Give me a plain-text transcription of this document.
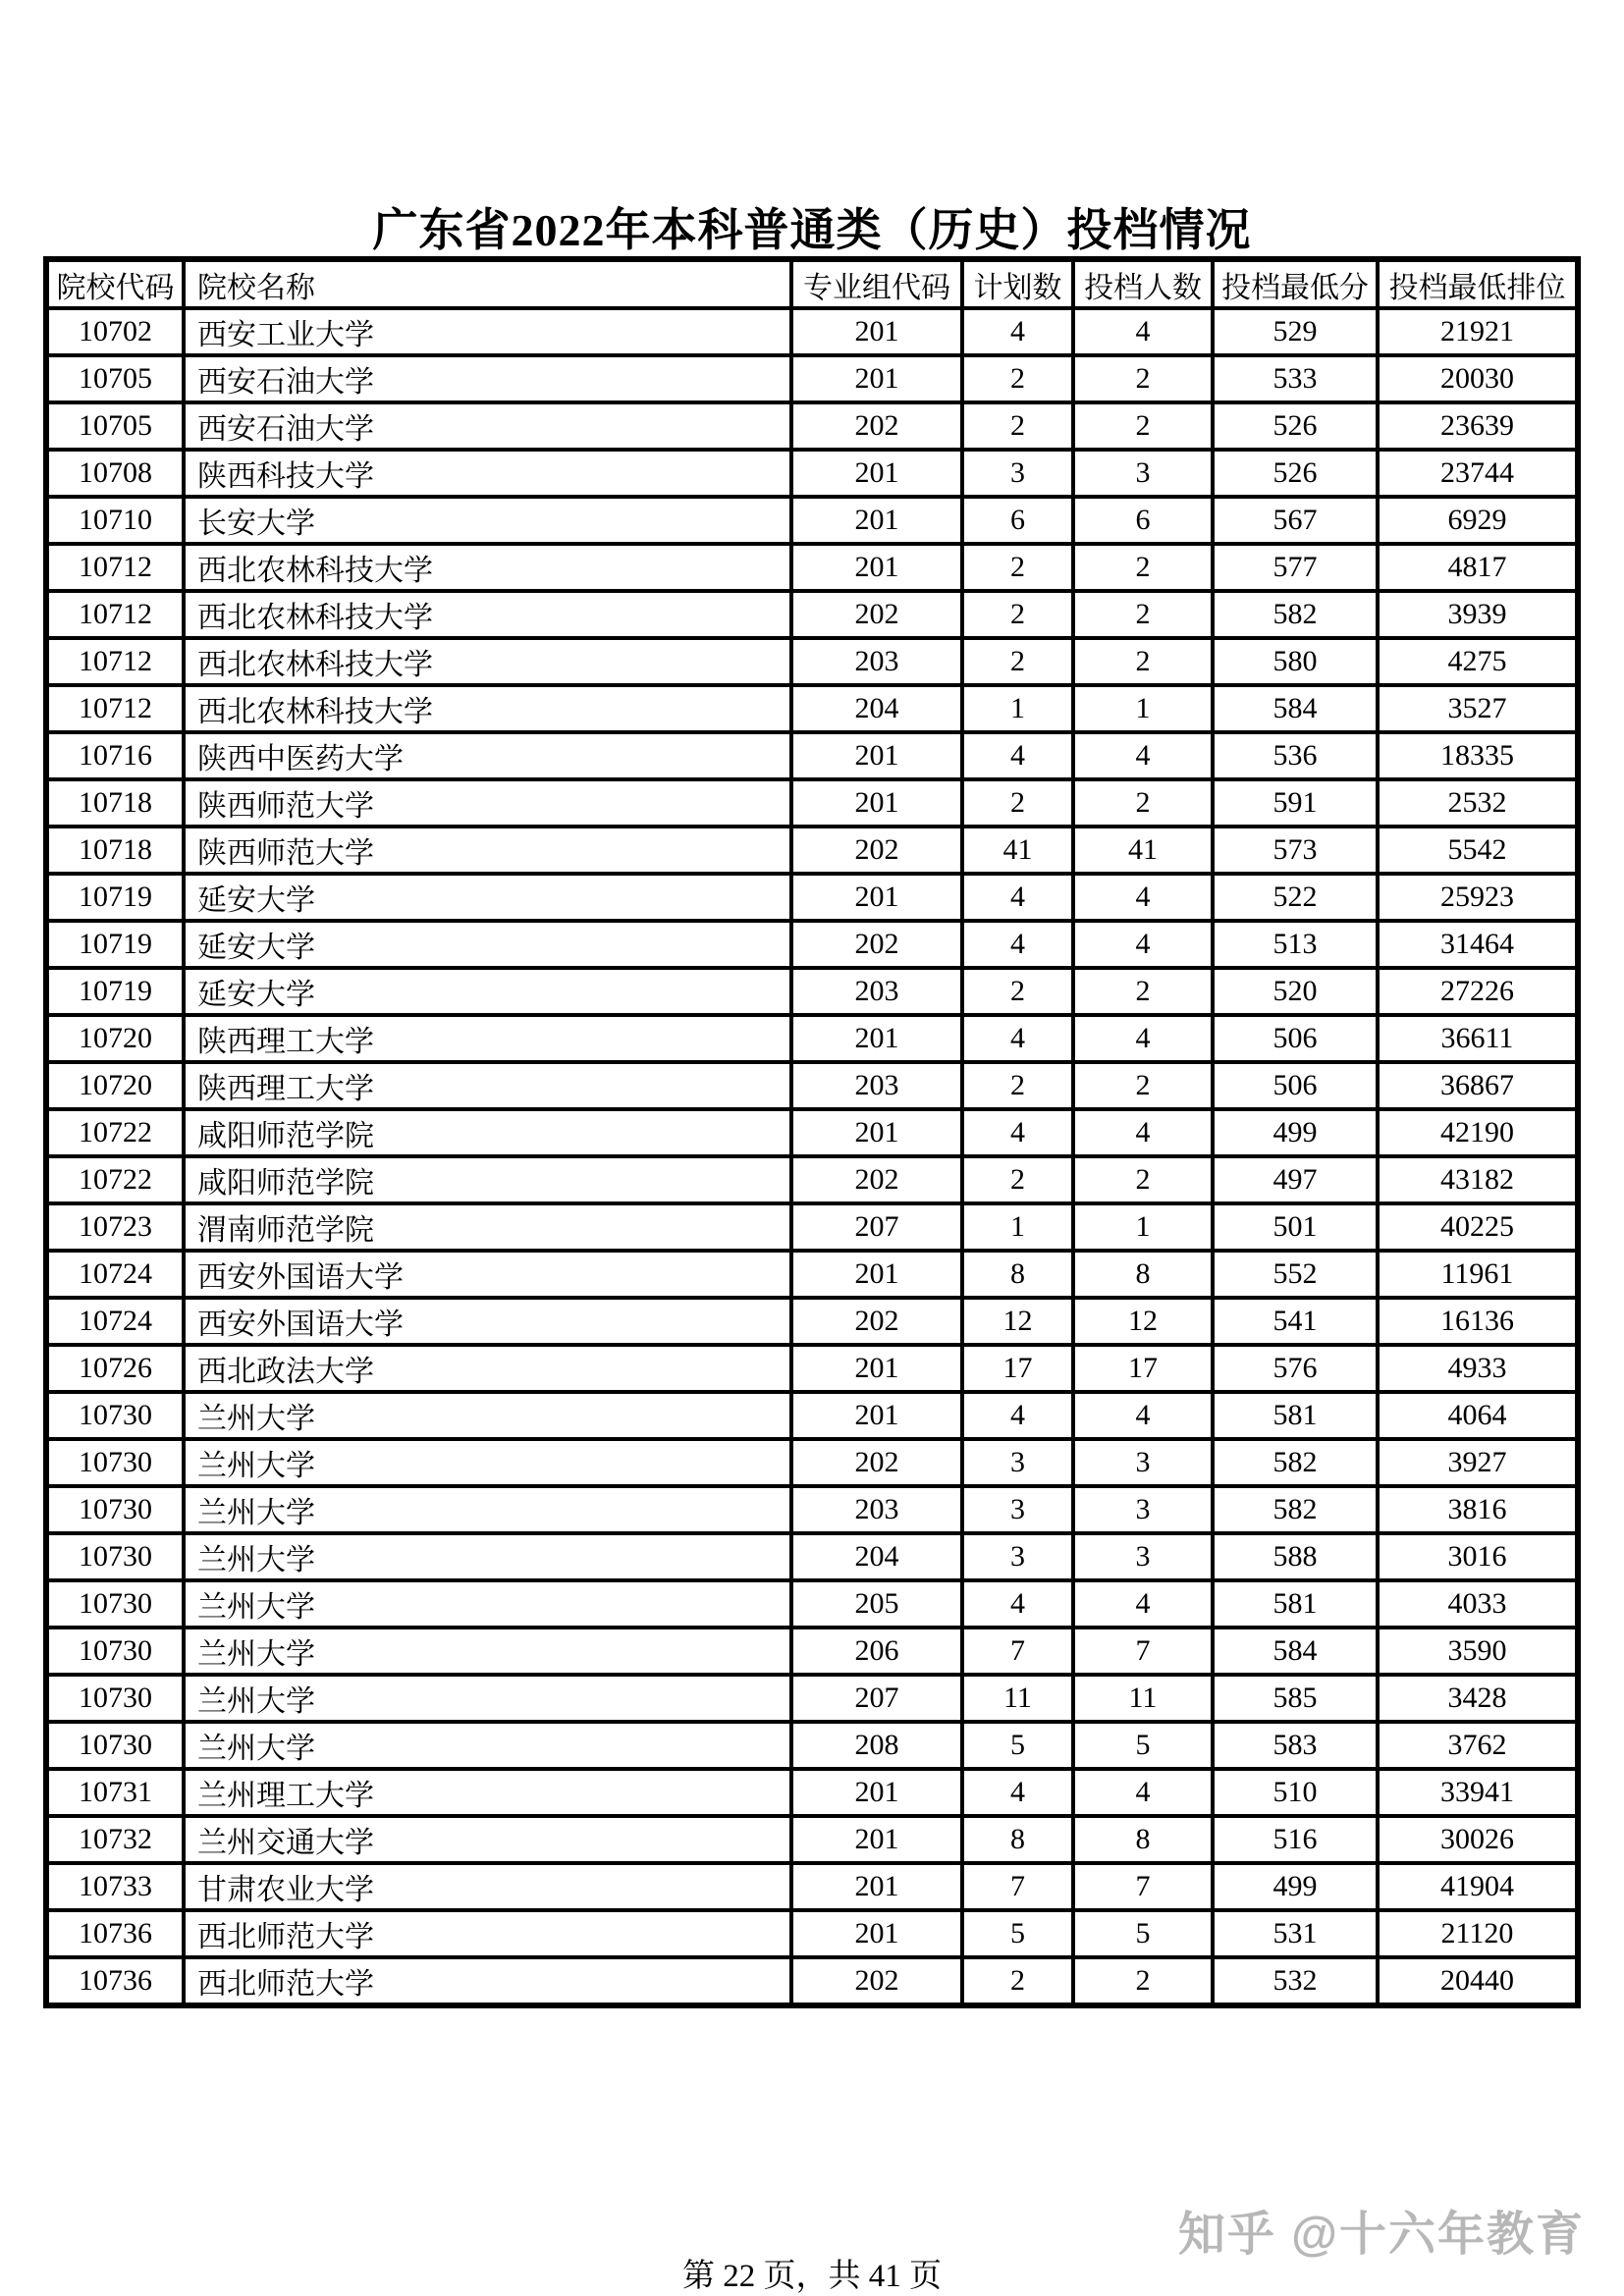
广东省2022年本科普通类（历史）投档情况
院校代码	院校名称	专业组代码	计划数	投档人数	投档最低分	投档最低排位
10702	西安工业大学	201	4	4	529	21921
10705	西安石油大学	201	2	2	533	20030
10705	西安石油大学	202	2	2	526	23639
10708	陕西科技大学	201	3	3	526	23744
10710	长安大学	201	6	6	567	6929
10712	西北农林科技大学	201	2	2	577	4817
10712	西北农林科技大学	202	2	2	582	3939
10712	西北农林科技大学	203	2	2	580	4275
10712	西北农林科技大学	204	1	1	584	3527
10716	陕西中医药大学	201	4	4	536	18335
10718	陕西师范大学	201	2	2	591	2532
10718	陕西师范大学	202	41	41	573	5542
10719	延安大学	201	4	4	522	25923
10719	延安大学	202	4	4	513	31464
10719	延安大学	203	2	2	520	27226
10720	陕西理工大学	201	4	4	506	36611
10720	陕西理工大学	203	2	2	506	36867
10722	咸阳师范学院	201	4	4	499	42190
10722	咸阳师范学院	202	2	2	497	43182
10723	渭南师范学院	207	1	1	501	40225
10724	西安外国语大学	201	8	8	552	11961
10724	西安外国语大学	202	12	12	541	16136
10726	西北政法大学	201	17	17	576	4933
10730	兰州大学	201	4	4	581	4064
10730	兰州大学	202	3	3	582	3927
10730	兰州大学	203	3	3	582	3816
10730	兰州大学	204	3	3	588	3016
10730	兰州大学	205	4	4	581	4033
10730	兰州大学	206	7	7	584	3590
10730	兰州大学	207	11	11	585	3428
10730	兰州大学	208	5	5	583	3762
10731	兰州理工大学	201	4	4	510	33941
10732	兰州交通大学	201	8	8	516	30026
10733	甘肃农业大学	201	7	7	499	41904
10736	西北师范大学	201	5	5	531	21120
10736	西北师范大学	202	2	2	532	20440
第 22 页，共 41 页
知乎 @十六年教育
